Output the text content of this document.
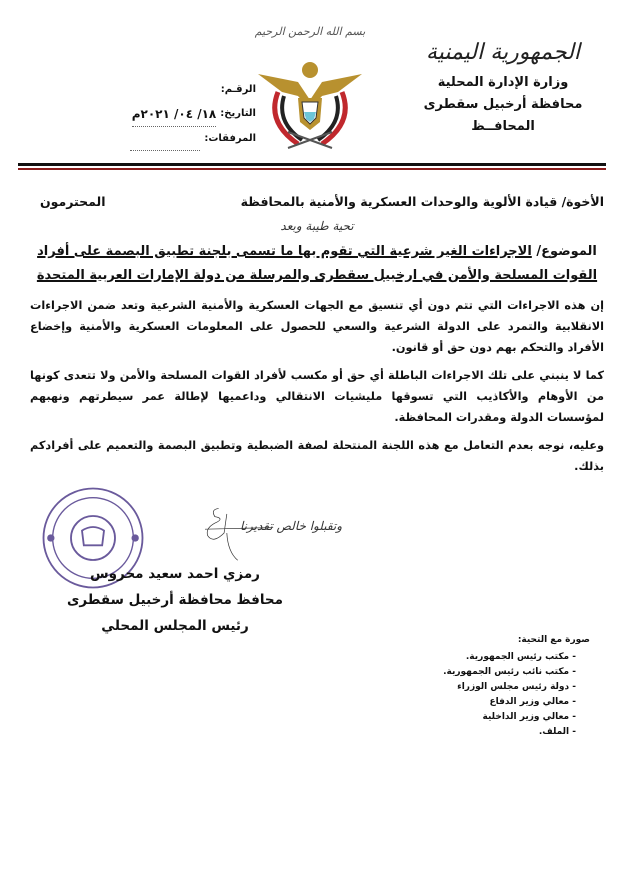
الجمهورية اليمنية
وزارة الإدارة المحلية
محافظة أرخبيل سقطرى
المحافــظ
بسم الله الرحمن الرحيم
الرقـم:
التاريخ:
١٨/ ٠٤/ ٢٠٢١م
المرفقات:
الأخوة/ قيادة الألوية والوحدات العسكرية والأمنية بالمحافظة
المحترمون
تحية طيبة وبعد
الموضوع/ الاجراءات الغير شرعية التي تقوم بها ما تسمى بلجنة تطبيق البصمة على أفراد
القوات المسلحة والأمن في ارخبيل سقطرى والمرسلة من دولة الإمارات العربية المتحدة
إن هذه الاجراءات التي تتم دون أي تنسيق مع الجهات العسكرية والأمنية الشرعية وتعد ضمن الاجراءات الانقلابية والتمرد على الدولة الشرعية والسعي للحصول على المعلومات العسكرية والأمنية وإخضاع الأفراد والتحكم بهم دون حق أو قانون.
كما لا ينبني على تلك الاجراءات الباطلة أي حق أو مكسب لأفراد القوات المسلحة والأمن ولا تتعدى كونها من الأوهام والأكاذيب التي تسوقها مليشيات الانتقالي وداعميها لإطالة عمر سيطرتهم ونهبهم لمؤسسات الدولة ومقدرات المحافظة.
وعليه، نوجه بعدم التعامل مع هذه اللجنة المنتحلة لصفة الضبطية وتطبيق البصمة والتعميم على أفرادكم بذلك.
وتقبلوا خالص تقديرنا
رمزي احمد سعيد محروس
محافظ محافظة أرخبيل سقطرى
رئيس المجلس المحلي
صورة مع التحية:
- مكتب رئيس الجمهورية.
- مكتب نائب رئيس الجمهورية.
- دولة رئيس مجلس الوزراء
- معالي وزير الدفاع
- معالي وزير الداخلية
- الملف.
